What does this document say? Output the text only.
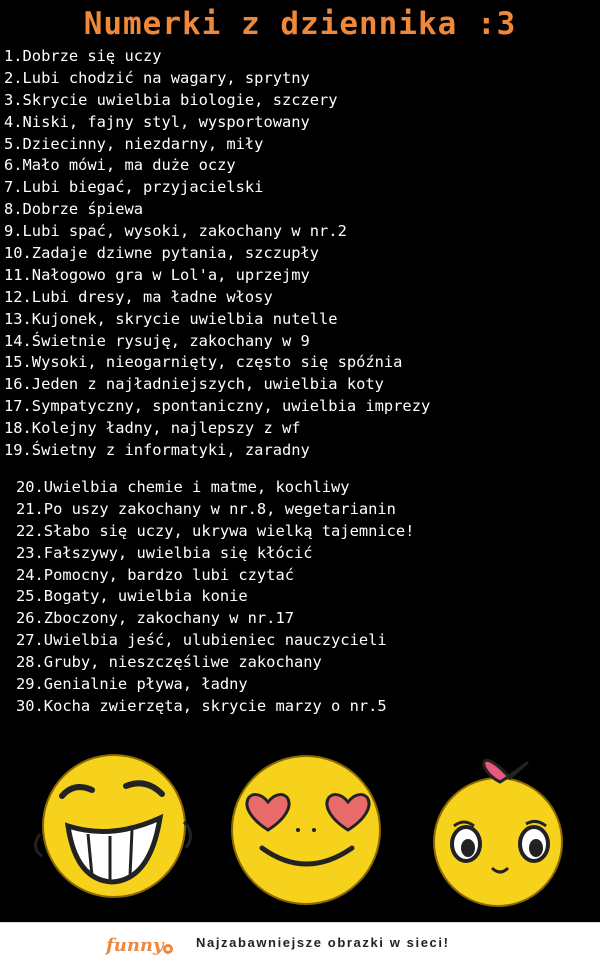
Numerki z dziennika :3
1.Dobrze się uczy
2.Lubi chodzić na wagary, sprytny
3.Skrycie uwielbia biologie, szczery
4.Niski, fajny styl, wysportowany
5.Dziecinny, niezdarny, miły
6.Mało mówi, ma duże oczy
7.Lubi biegać, przyjacielski
8.Dobrze śpiewa
9.Lubi spać, wysoki, zakochany w nr.2
10.Zadaje dziwne pytania, szczupły
11.Nałogowo gra w Lol'a, uprzejmy
12.Lubi dresy, ma ładne włosy
13.Kujonek, skrycie uwielbia nutelle
14.Świetnie rysuję, zakochany w 9
15.Wysoki, nieogarnięty, często się spóźnia
16.Jeden z najładniejszych, uwielbia koty
17.Sympatyczny, spontaniczny, uwielbia imprezy
18.Kolejny ładny, najlepszy z wf
19.Świetny z informatyki, zaradny
20.Uwielbia chemie i matme, kochliwy
21.Po uszy zakochany w nr.8, wegetarianin
22.Słabo się uczy, ukrywa wielką tajemnice!
23.Fałszywy, uwielbia się kłócić
24.Pomocny, bardzo lubi czytać
25.Bogaty, uwielbia konie
26.Zboczony, zakochany w nr.17
27.Uwielbia jeść, ulubieniec nauczycieli
28.Gruby, nieszczęśliwe zakochany
29.Genialnie pływa, ładny
30.Kocha zwierzęta, skrycie marzy o nr.5
funny	Najzabawniejsze obrazki w sieci!
